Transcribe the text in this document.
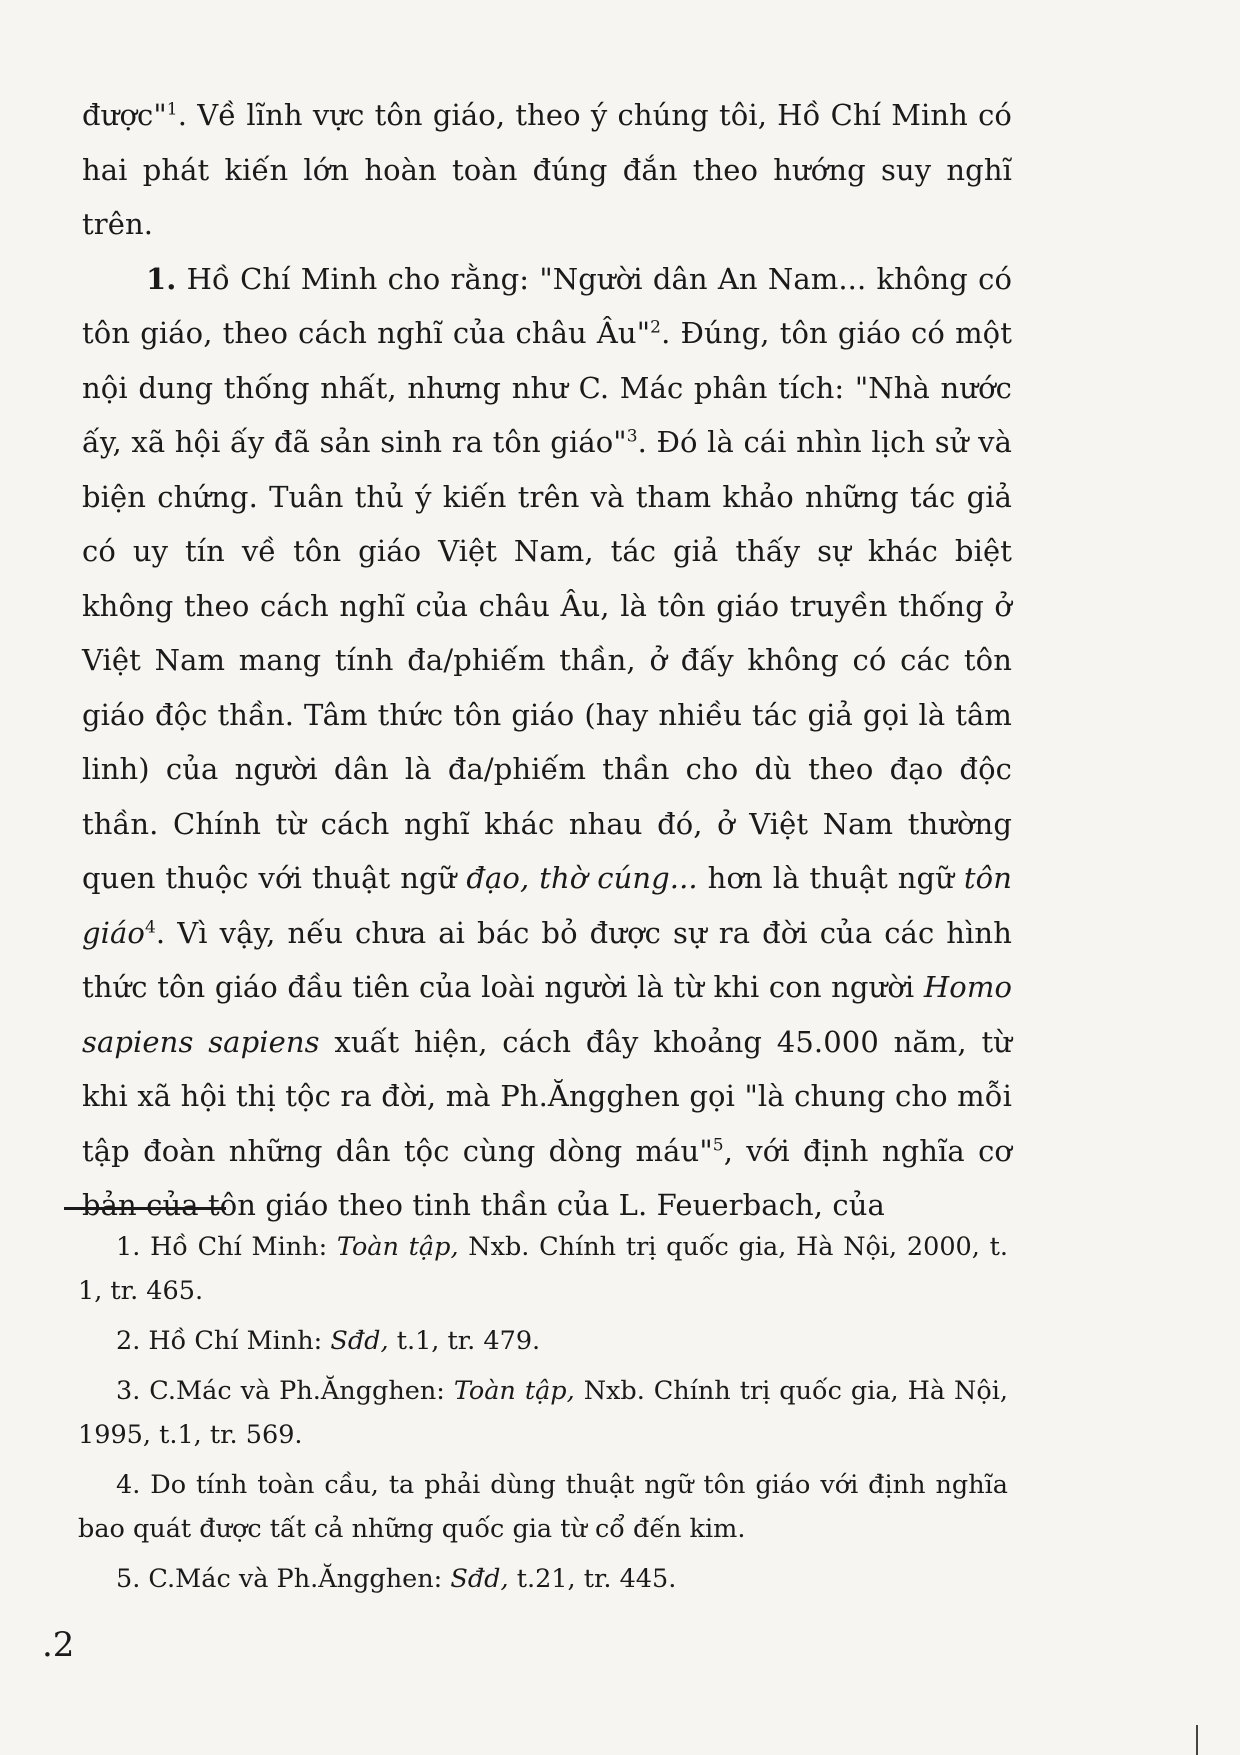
được"$^1$. Về lĩnh vực tôn giáo, theo ý chúng tôi, Hồ Chí Minh có hai phát kiến lớn hoàn toàn đúng đắn theo hướng suy nghĩ trên.

1. Hồ Chí Minh cho rằng: "Người dân An Nam... không có tôn giáo, theo cách nghĩ của châu Âu"$^2$. Đúng, tôn giáo có một nội dung thống nhất, nhưng như C. Mác phân tích: "Nhà nước ấy, xã hội ấy đã sản sinh ra tôn giáo"$^3$. Đó là cái nhìn lịch sử và biện chứng. Tuân thủ ý kiến trên và tham khảo những tác giả có uy tín về tôn giáo Việt Nam, tác giả thấy sự khác biệt không theo cách nghĩ của châu Âu, là tôn giáo truyền thống ở Việt Nam mang tính đa/phiếm thần, ở đấy không có các tôn giáo độc thần. Tâm thức tôn giáo (hay nhiều tác giả gọi là tâm linh) của người dân là đa/phiếm thần cho dù theo đạo độc thần. Chính từ cách nghĩ khác nhau đó, ở Việt Nam thường quen thuộc với thuật ngữ đạo, thờ cúng... hơn là thuật ngữ tôn giáo$^4$. Vì vậy, nếu chưa ai bác bỏ được sự ra đời của các hình thức tôn giáo đầu tiên của loài người là từ khi con người Homo sapiens sapiens xuất hiện, cách đây khoảng 45.000 năm, từ khi xã hội thị tộc ra đời, mà Ph.Ăngghen gọi "là chung cho mỗi tập đoàn những dân tộc cùng dòng máu"$^5$, với định nghĩa cơ bản của tôn giáo theo tinh thần của L. Feuerbach, của

1. Hồ Chí Minh: Toàn tập, Nxb. Chính trị quốc gia, Hà Nội, 2000, t. 1, tr. 465.

2. Hồ Chí Minh: Sđd, t.1, tr. 479.

3. C.Mác và Ph.Ăngghen: Toàn tập, Nxb. Chính trị quốc gia, Hà Nội, 1995, t.1, tr. 569.

4. Do tính toàn cầu, ta phải dùng thuật ngữ tôn giáo với định nghĩa bao quát được tất cả những quốc gia từ cổ đến kim.

5. C.Mác và Ph.Ăngghen: Sđd, t.21, tr. 445.

.2
